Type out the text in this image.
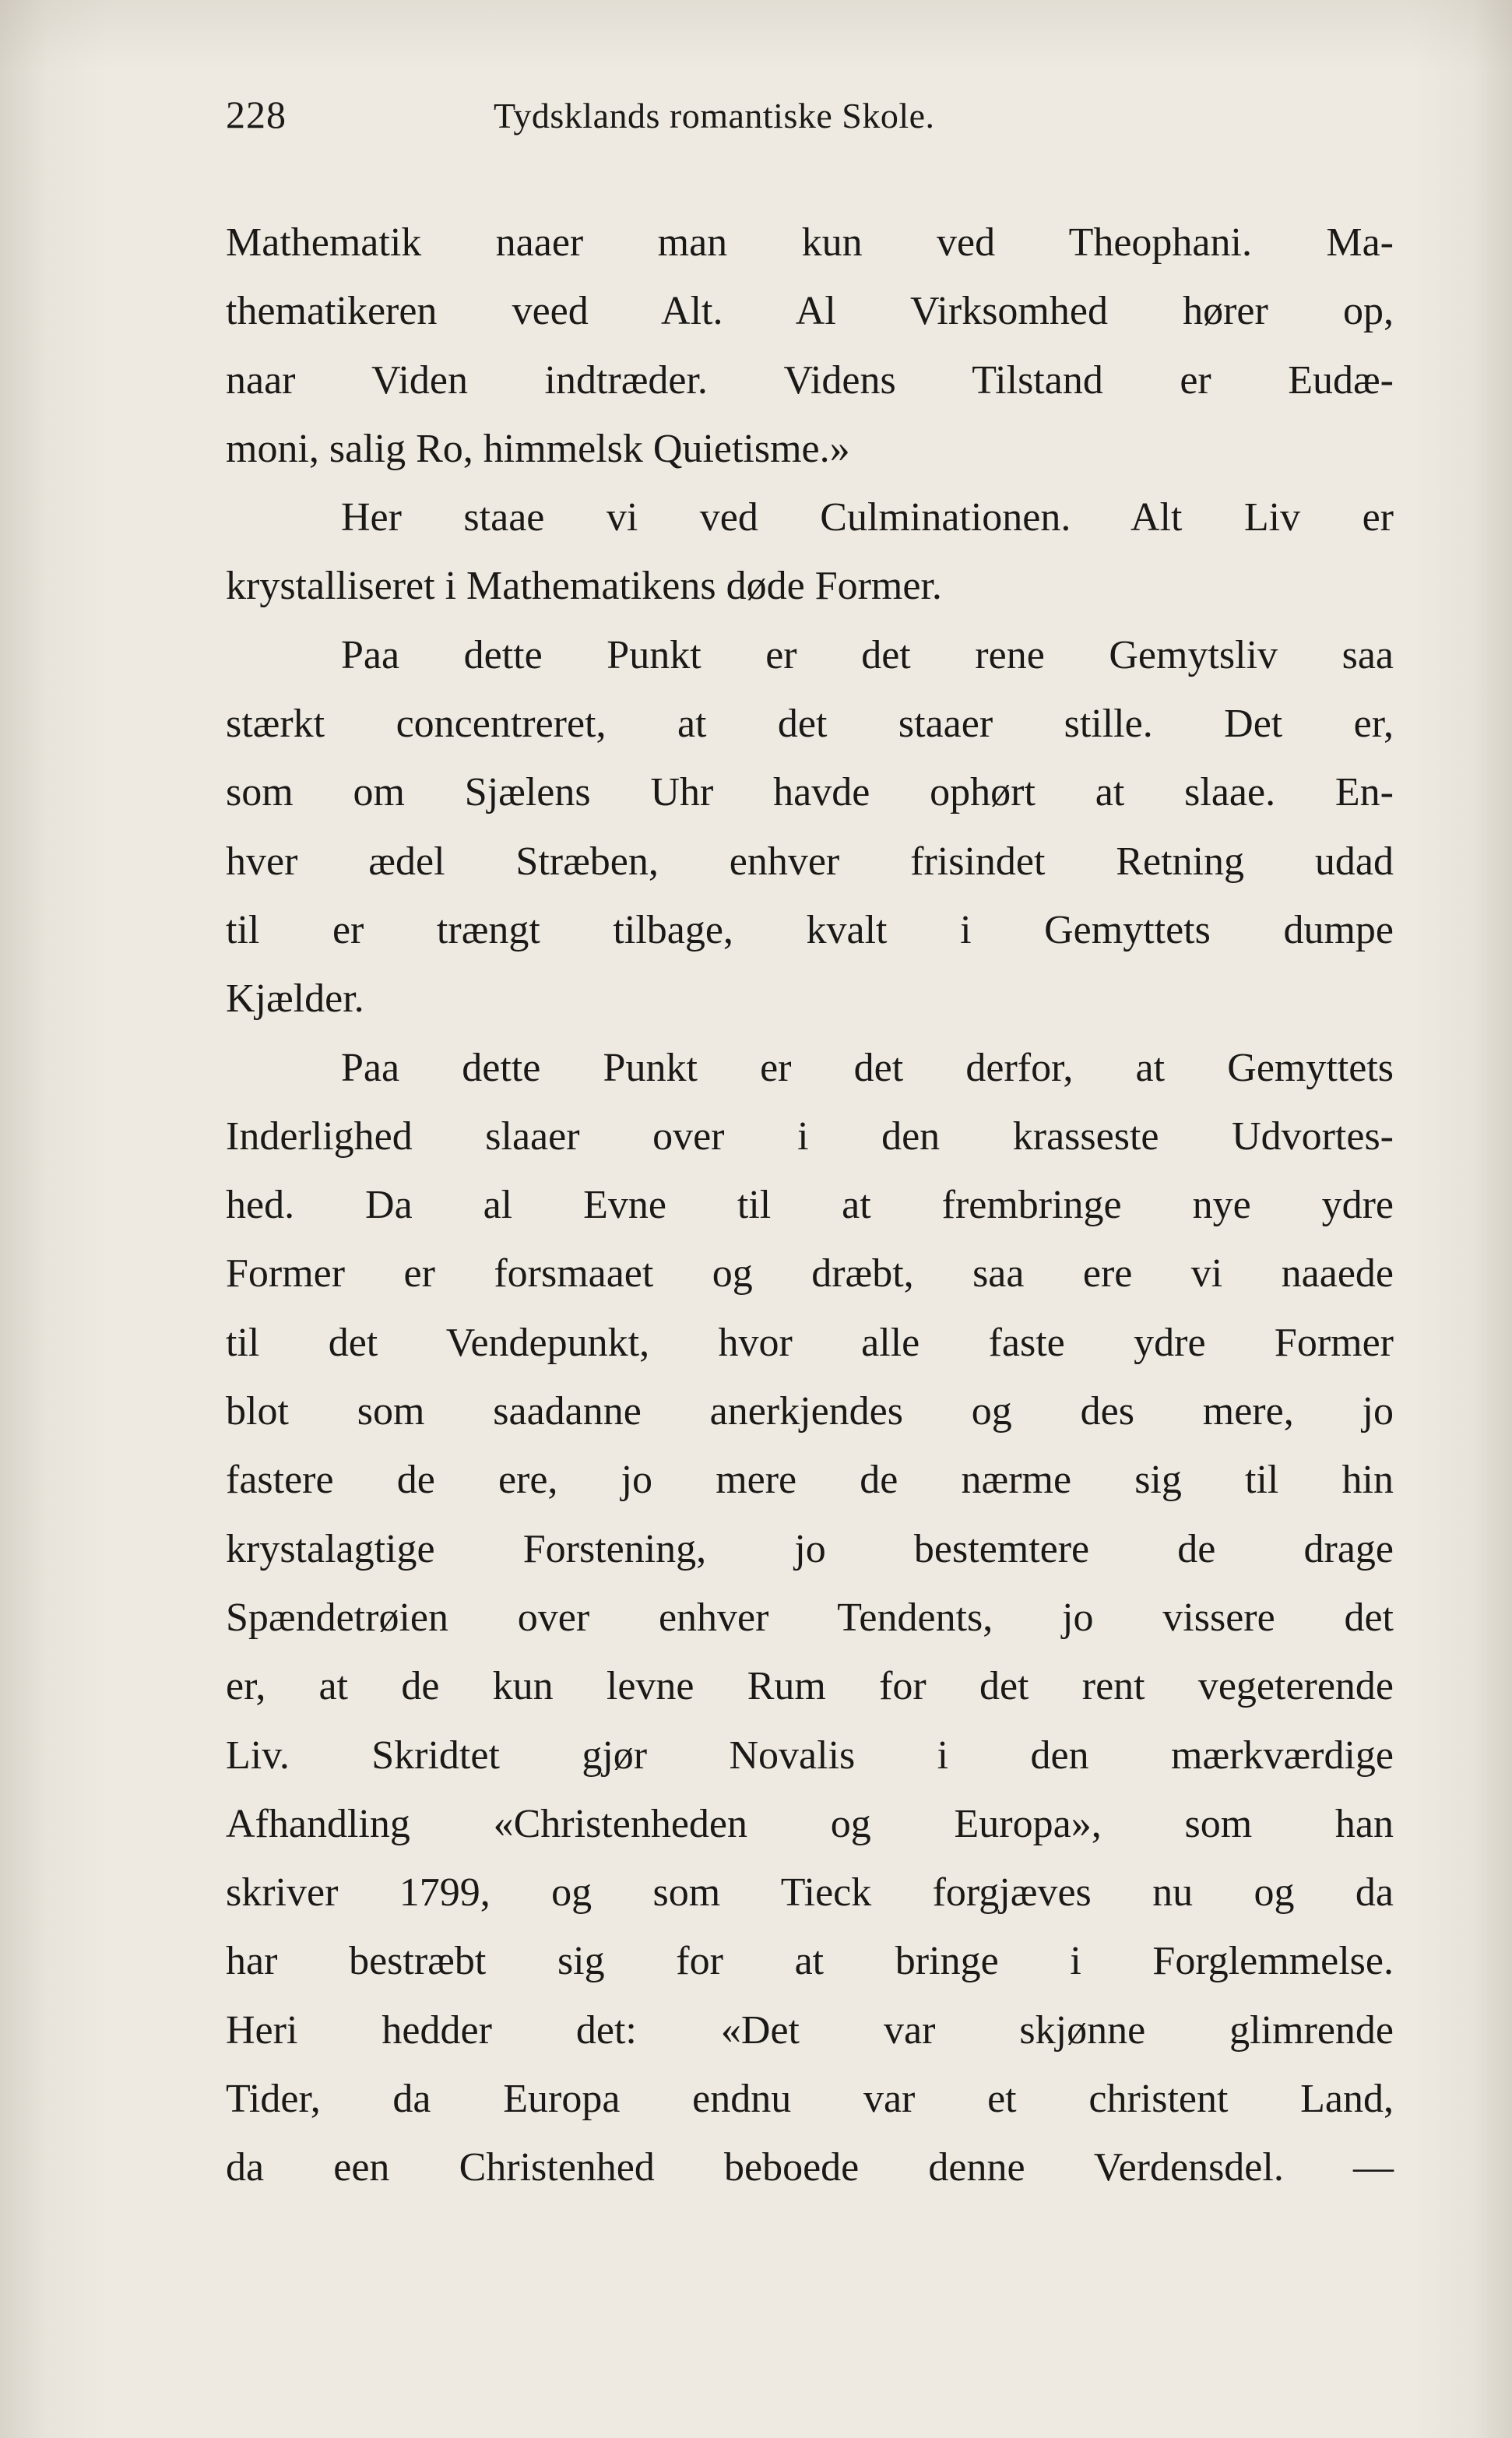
228	Tydsklands romantiske Skole.
Mathematik naaer man kun ved Theophani. Ma-
thematikeren veed Alt. Al Virksomhed hører op,
naar Viden indtræder. Videns Tilstand er Eudæ-
moni, salig Ro, himmelsk Quietisme.»
Her staae vi ved Culminationen. Alt Liv er
krystalliseret i Mathematikens døde Former.
Paa dette Punkt er det rene Gemytsliv saa
stærkt concentreret, at det staaer stille. Det er,
som om Sjælens Uhr havde ophørt at slaae. En-
hver ædel Stræben, enhver frisindet Retning udad
til er trængt tilbage, kvalt i Gemyttets dumpe
Kjælder.
Paa dette Punkt er det derfor, at Gemyttets
Inderlighed slaaer over i den krasseste Udvortes-
hed. Da al Evne til at frembringe nye ydre
Former er forsmaaet og dræbt, saa ere vi naaede
til det Vendepunkt, hvor alle faste ydre Former
blot som saadanne anerkjendes og des mere, jo
fastere de ere, jo mere de nærme sig til hin
krystalagtige Forstening, jo bestemtere de drage
Spændetrøien over enhver Tendents, jo vissere det
er, at de kun levne Rum for det rent vegeterende
Liv. Skridtet gjør Novalis i den mærkværdige
Afhandling «Christenheden og Europa», som han
skriver 1799, og som Tieck forgjæves nu og da
har bestræbt sig for at bringe i Forglemmelse.
Heri hedder det: «Det var skjønne glimrende
Tider, da Europa endnu var et christent Land,
da een Christenhed beboede denne Verdensdel. —
